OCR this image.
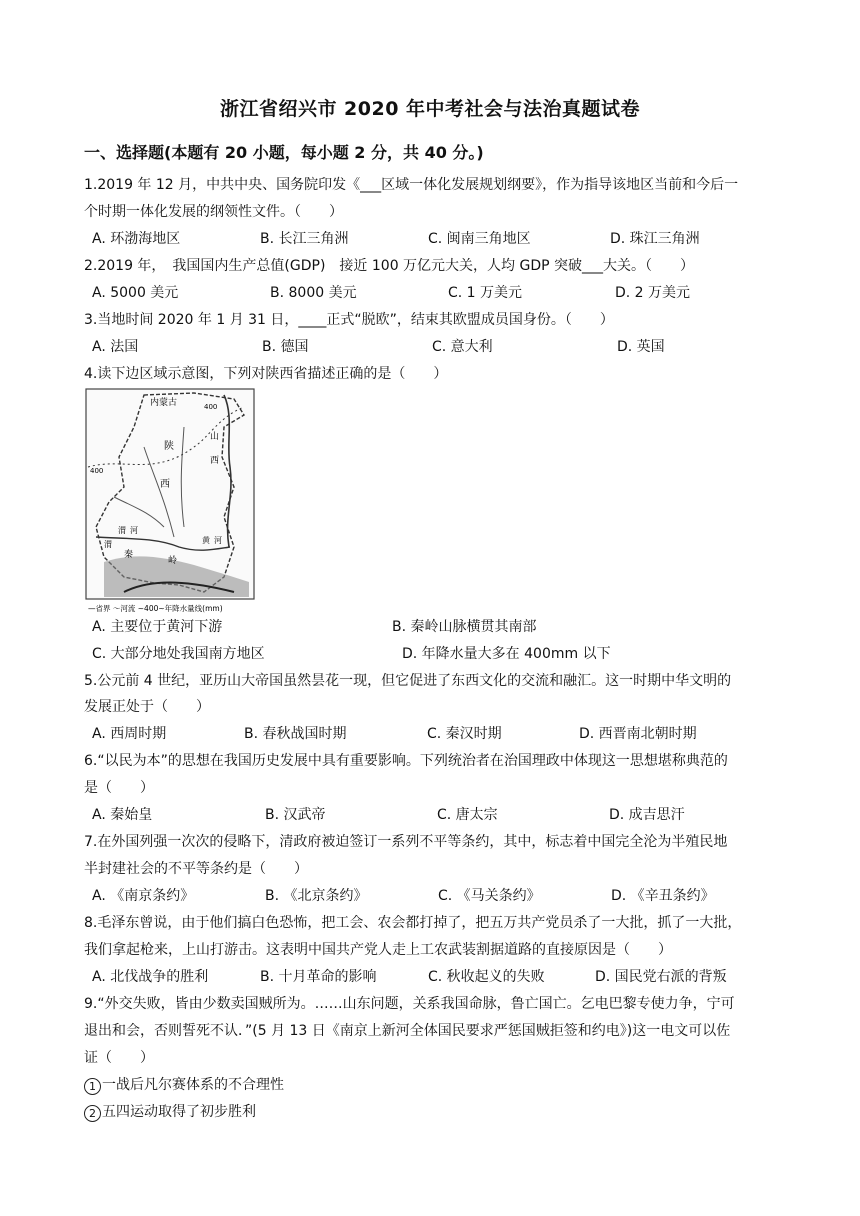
浙江省绍兴市 2020 年中考社会与法治真题试卷
一、选择题(本题有 20 小题，每小题 2 分，共 40 分。)
1.2019 年 12 月，中共中央、国务院印发《___区域一体化发展规划纲要》，作为指导该地区当前和今后一
个时期一体化发展的纲领性文件。（　　）
A. 环渤海地区	B. 长江三角洲	C. 闽南三角地区	D. 珠江三角洲
2.2019 年，　我国国内生产总值(GDP)　接近 100 万亿元大关，人均 GDP 突破___大关。（　　）
A. 5000 美元	B. 8000 美元	C. 1 万美元	D. 2 万美元
3.当地时间 2020 年 1 月 31 日，____正式“脱欧”，结束其欧盟成员国身份。（　　）
A. 法国	B. 德国	C. 意大利	D. 英国
4.读下边区域示意图，下列对陕西省描述正确的是（　　）
内蒙古	400
陕
山
西
西
400
渭 河
黄 河
秦
岭
渭
—省界 ～河流 ~400~年降水量线(mm)
A. 主要位于黄河下游	B. 秦岭山脉横贯其南部
C. 大部分地处我国南方地区	D. 年降水量大多在 400mm 以下
5.公元前 4 世纪，亚历山大帝国虽然昙花一现，但它促进了东西文化的交流和融汇。这一时期中华文明的
发展正处于（　　）
A. 西周时期	B. 春秋战国时期	C. 秦汉时期	D. 西晋南北朝时期
6.“以民为本”的思想在我国历史发展中具有重要影响。下列统治者在治国理政中体现这一思想堪称典范的
是（　　）
A. 秦始皇	B. 汉武帝	C. 唐太宗	D. 成吉思汗
7.在外国列强一次次的侵略下，清政府被迫签订一系列不平等条约，其中，标志着中国完全沦为半殖民地
半封建社会的不平等条约是（　　）
A. 《南京条约》	B. 《北京条约》	C. 《马关条约》	D. 《辛丑条约》
8.毛泽东曾说，由于他们搞白色恐怖，把工会、农会都打掉了，把五万共产党员杀了一大批，抓了一大批，
我们拿起枪来，上山打游击。这表明中国共产党人走上工农武装割据道路的直接原因是（　　）
A. 北伐战争的胜利	B. 十月革命的影响	C. 秋收起义的失败	D. 国民党右派的背叛
9.“外交失败，皆由少数卖国贼所为。……山东问题，关系我国命脉，鲁亡国亡。乞电巴黎专使力争，宁可
退出和会，否则誓死不认．”(5 月 13 日《南京上新河全体国民要求严惩国贼拒签和约电》)这一电文可以佐
证（　　）
1 一战后凡尔赛体系的不合理性
2 五四运动取得了初步胜利
